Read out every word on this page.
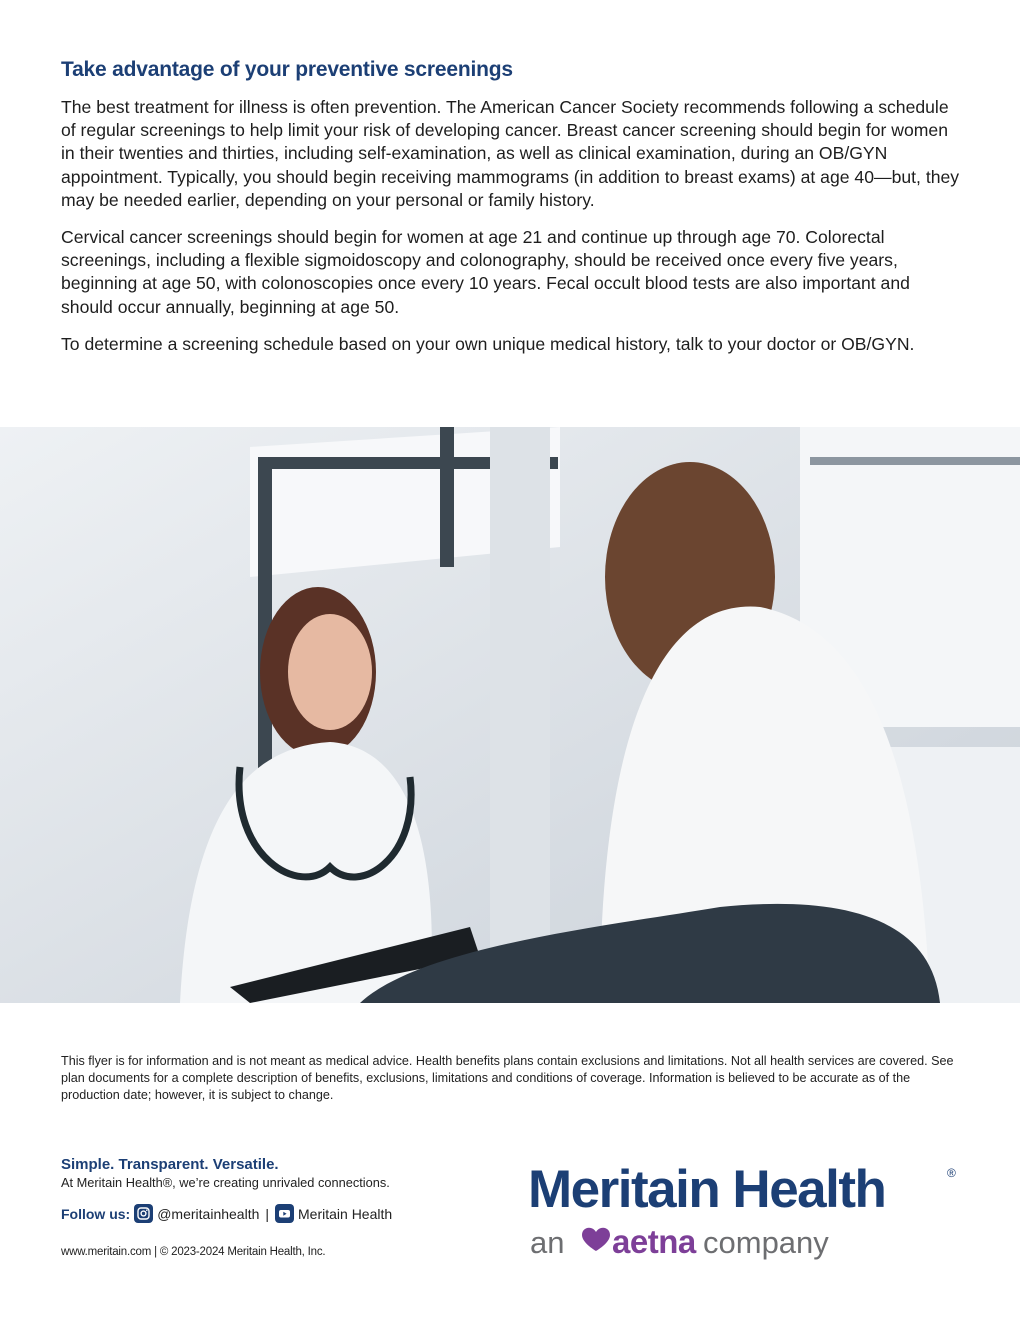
Take advantage of your preventive screenings

The best treatment for illness is often prevention. The American Cancer Society recommends following a schedule of regular screenings to help limit your risk of developing cancer. Breast cancer screening should begin for women in their twenties and thirties, including self-examination, as well as clinical examination, during an OB/GYN appointment. Typically, you should begin receiving mammograms (in addition to breast exams) at age 40—but, they may be needed earlier, depending on your personal or family history.

Cervical cancer screenings should begin for women at age 21 and continue up through age 70. Colorectal screenings, including a flexible sigmoidoscopy and colonography, should be received once every five years, beginning at age 50, with colonoscopies once every 10 years. Fecal occult blood tests are also important and should occur annually, beginning at age 50.

To determine a screening schedule based on your own unique medical history, talk to your doctor or OB/GYN.

This flyer is for information and is not meant as medical advice. Health benefits plans contain exclusions and limitations. Not all health services are covered. See plan documents for a complete description of benefits, exclusions, limitations and conditions of coverage. Information is believed to be accurate as of the production date; however, it is subject to change.

Simple. Transparent. Versatile.

At Meritain Health®, we’re creating unrivaled connections.

Follow us: @meritainhealth | Meritain Health

www.meritain.com | © 2023-2024 Meritain Health, Inc.

Meritain Health	®
an aetna company
